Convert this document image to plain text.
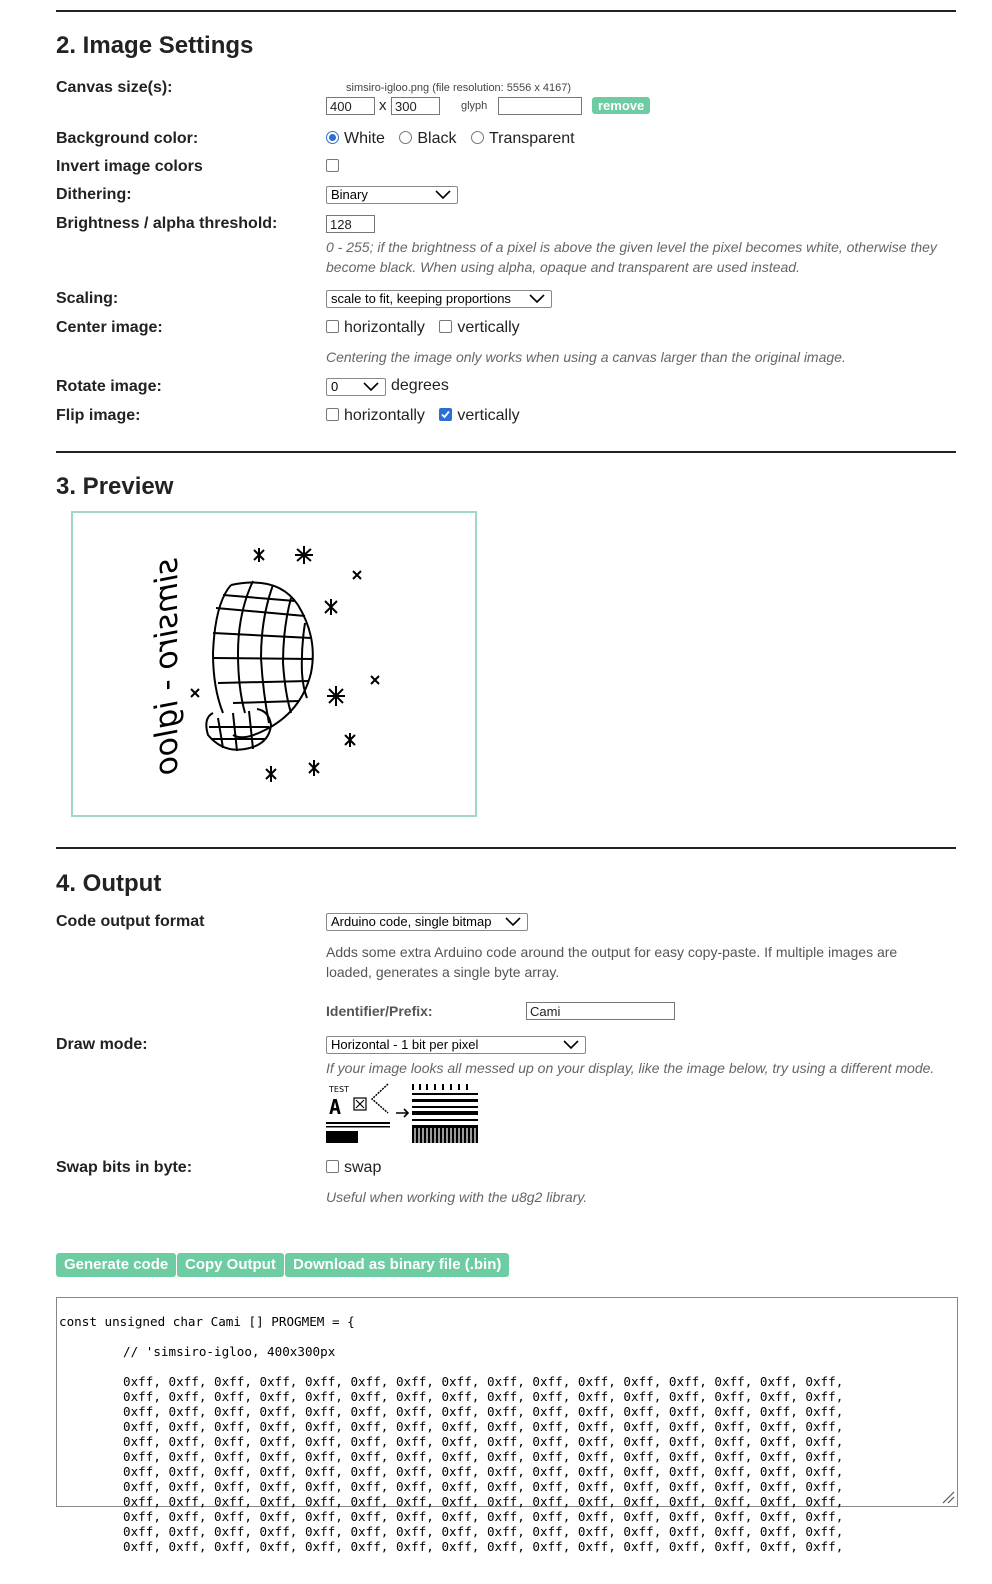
2. Image Settings
Canvas size(s):	simsiro-igloo.png (file resolution: 5556 x 4167)
400
x
300	glyph	remove
Background color:	White Black Transparent
Invert image colors
Dithering:	Binary
Brightness / alpha threshold:
128
0 - 255; if the brightness of a pixel is above the given level the pixel becomes white, otherwise they become black. When using alpha, opaque and transparent are used instead.
Scaling:	scale to fit, keeping proportions
Center image:	horizontally vertically
Centering the image only works when using a canvas larger than the original image.
Rotate image:	0	degrees
Flip image:	horizontally vertically
3. Preview
simsiro - igloo
4. Output
Code output format	Arduino code, single bitmap
Adds some extra Arduino code around the output for easy copy-paste. If multiple images are loaded, generates a single byte array.
Identifier/Prefix:
Cami
Draw mode:	Horizontal - 1 bit per pixel
If your image looks all messed up on your display, like the image below, try using a different mode.
TEST
A
Swap bits in byte:	swap
Useful when working with the u8g2 library.
Generate code	Copy Output	Download as binary file (.bin)

const unsigned char Cami [] PROGMEM = {

// 'simsiro-igloo, 400x300px

0xff, 0xff, 0xff, 0xff, 0xff, 0xff, 0xff, 0xff, 0xff, 0xff, 0xff, 0xff, 0xff, 0xff, 0xff, 0xff,
0xff, 0xff, 0xff, 0xff, 0xff, 0xff, 0xff, 0xff, 0xff, 0xff, 0xff, 0xff, 0xff, 0xff, 0xff, 0xff,
0xff, 0xff, 0xff, 0xff, 0xff, 0xff, 0xff, 0xff, 0xff, 0xff, 0xff, 0xff, 0xff, 0xff, 0xff, 0xff,
0xff, 0xff, 0xff, 0xff, 0xff, 0xff, 0xff, 0xff, 0xff, 0xff, 0xff, 0xff, 0xff, 0xff, 0xff, 0xff,
0xff, 0xff, 0xff, 0xff, 0xff, 0xff, 0xff, 0xff, 0xff, 0xff, 0xff, 0xff, 0xff, 0xff, 0xff, 0xff,
0xff, 0xff, 0xff, 0xff, 0xff, 0xff, 0xff, 0xff, 0xff, 0xff, 0xff, 0xff, 0xff, 0xff, 0xff, 0xff,
0xff, 0xff, 0xff, 0xff, 0xff, 0xff, 0xff, 0xff, 0xff, 0xff, 0xff, 0xff, 0xff, 0xff, 0xff, 0xff,
0xff, 0xff, 0xff, 0xff, 0xff, 0xff, 0xff, 0xff, 0xff, 0xff, 0xff, 0xff, 0xff, 0xff, 0xff, 0xff,
0xff, 0xff, 0xff, 0xff, 0xff, 0xff, 0xff, 0xff, 0xff, 0xff, 0xff, 0xff, 0xff, 0xff, 0xff, 0xff,
0xff, 0xff, 0xff, 0xff, 0xff, 0xff, 0xff, 0xff, 0xff, 0xff, 0xff, 0xff, 0xff, 0xff, 0xff, 0xff,
0xff, 0xff, 0xff, 0xff, 0xff, 0xff, 0xff, 0xff, 0xff, 0xff, 0xff, 0xff, 0xff, 0xff, 0xff, 0xff,
0xff, 0xff, 0xff, 0xff, 0xff, 0xff, 0xff, 0xff, 0xff, 0xff, 0xff, 0xff, 0xff, 0xff, 0xff, 0xff,
